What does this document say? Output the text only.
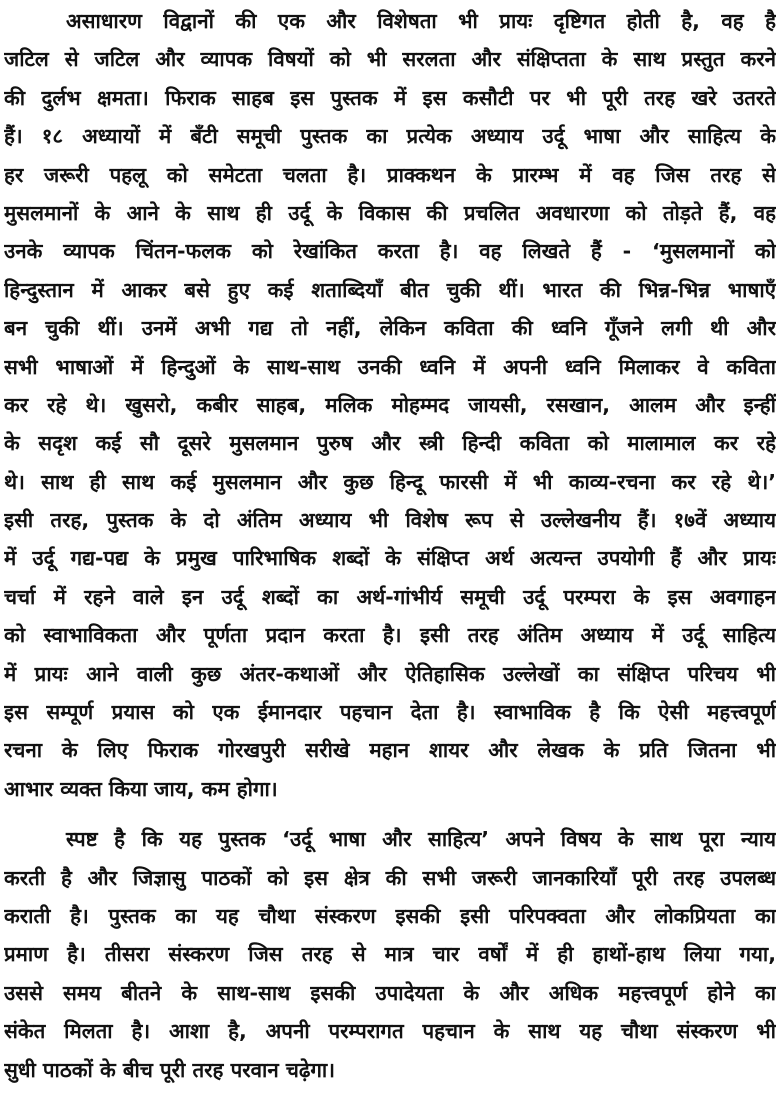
असाधारण विद्वानों की एक और विशेषता भी प्रायः दृष्टिगत होती है, वह है
जटिल से जटिल और व्यापक विषयों को भी सरलता और संक्षिप्तता के साथ प्रस्तुत करने
की दुर्लभ क्षमता। फिराक साहब इस पुस्तक में इस कसौटी पर भी पूरी तरह खरे उतरते
हैं। १८ अध्यायों में बँटी समूची पुस्तक का प्रत्येक अध्याय उर्दू भाषा और साहित्य के
हर जरूरी पहलू को समेटता चलता है। प्राक्कथन के प्रारम्भ में वह जिस तरह से
मुसलमानों के आने के साथ ही उर्दू के विकास की प्रचलित अवधारणा को तोड़ते हैं, वह
उनके व्यापक चिंतन-फलक को रेखांकित करता है। वह लिखते हैं - ‘मुसलमानों को
हिन्दुस्तान में आकर बसे हुए कई शताब्दियाँ बीत चुकी थीं। भारत की भिन्न-भिन्न भाषाएँ
बन चुकी थीं। उनमें अभी गद्य तो नहीं, लेकिन कविता की ध्वनि गूँजने लगी थी और
सभी भाषाओं में हिन्दुओं के साथ-साथ उनकी ध्वनि में अपनी ध्वनि मिलाकर वे कविता
कर रहे थे। खुसरो, कबीर साहब, मलिक मोहम्मद जायसी, रसखान, आलम और इन्हीं
के सदृश कई सौ दूसरे मुसलमान पुरुष और स्त्री हिन्दी कविता को मालामाल कर रहे
थे। साथ ही साथ कई मुसलमान और कुछ हिन्दू फारसी में भी काव्य-रचना कर रहे थे।’
इसी तरह, पुस्तक के दो अंतिम अध्याय भी विशेष रूप से उल्लेखनीय हैं। १७वें अध्याय
में उर्दू गद्य-पद्य के प्रमुख पारिभाषिक शब्दों के संक्षिप्त अर्थ अत्यन्त उपयोगी हैं और प्रायः
चर्चा में रहने वाले इन उर्दू शब्दों का अर्थ-गांभीर्य समूची उर्दू परम्परा के इस अवगाहन
को स्वाभाविकता और पूर्णता प्रदान करता है। इसी तरह अंतिम अध्याय में उर्दू साहित्य
में प्रायः आने वाली कुछ अंतर-कथाओं और ऐतिहासिक उल्लेखों का संक्षिप्त परिचय भी
इस सम्पूर्ण प्रयास को एक ईमानदार पहचान देता है। स्वाभाविक है कि ऐसी महत्त्वपूर्ण
रचना के लिए फिराक गोरखपुरी सरीखे महान शायर और लेखक के प्रति जितना भी
आभार व्यक्त किया जाय, कम होगा।
स्पष्ट है कि यह पुस्तक ‘उर्दू भाषा और साहित्य’ अपने विषय के साथ पूरा न्याय
करती है और जिज्ञासु पाठकों को इस क्षेत्र की सभी जरूरी जानकारियाँ पूरी तरह उपलब्ध
कराती है। पुस्तक का यह चौथा संस्करण इसकी इसी परिपक्वता और लोकप्रियता का
प्रमाण है। तीसरा संस्करण जिस तरह से मात्र चार वर्षों में ही हाथों-हाथ लिया गया,
उससे समय बीतने के साथ-साथ इसकी उपादेयता के और अधिक महत्त्वपूर्ण होने का
संकेत मिलता है। आशा है, अपनी परम्परागत पहचान के साथ यह चौथा संस्करण भी
सुधी पाठकों के बीच पूरी तरह परवान चढ़ेगा।
